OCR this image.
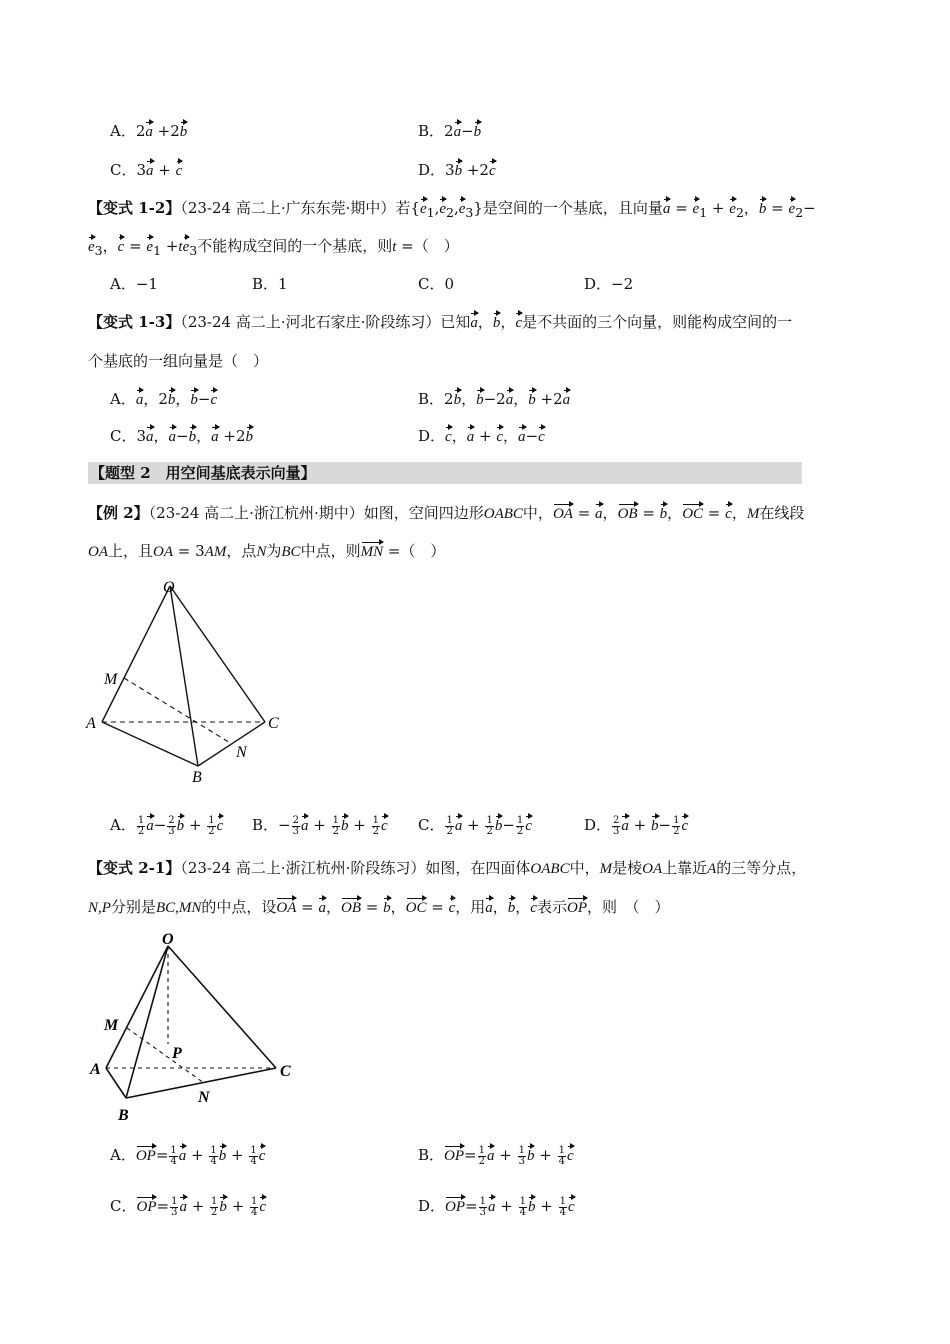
A．2a +2b	B．2a−b
C．3a + c	D．3b +2c
【变式 1-2】（23-24 高二上·广东东莞·期中）若$\{e_1,e_2,e_3\}$是空间的一个基底，且向量$a = e_1 + e_2$，$b = e_2-$
$e_3$，$c = e_1 +te_3$不能构成空间的一个基底，则t =（　）
A．−1	B．1	C．0	D．−2
【变式 1-3】（23-24 高二上·河北石家庄·阶段练习）已知a，b，c是不共面的三个向量，则能构成空间的一
个基底的一组向量是（　）
A．a，2b，b−c	B．2b，b−2a，b +2a
C．3a，a−b，a +2b	D．c，a + c，a−c
【题型 2　用空间基底表示向量】
【例 2】（23-24 高二上·浙江杭州·期中）如图，空间四边形OABC中，OA = a，OB = b，OC = c，M在线段
OA上，且OA = 3AM，点N为BC中点，则MN =（　）
O
M
A	C
N
B
A． $\frac{1}{2} a- \frac{2}{3}$ $b + \frac{1}{2}$ c B．− $\frac{2}{3}$ $a + \frac{1}{2}$ $b + \frac{1}{2}$ c C． $\frac{1}{2}$ $a + \frac{1}{2} b- \frac{1}{2}$ c	D． $\frac{2}{3}$ $a + b- \frac{1}{2}$ c
【变式 2-1】（23-24 高二上·浙江杭州·阶段练习）如图，在四面体OABC中，M是棱OA上靠近A的三等分点，
N,P分别是BC,MN的中点，设OA = a，OB = b，OC = c，用a，b，c表示OP，则　（　）
O
M
P
A	C
N
B
A．$OP= \frac{1}{4}$ $a + \frac{1}{4}$ $b + \frac{1}{4}$ c	B．$OP= \frac{1}{2}$ $a + \frac{1}{3}$ $b + \frac{1}{4}$ c
C．$OP= \frac{1}{3}$ $a + \frac{1}{2}$ $b + \frac{1}{4}$ c	D．$OP= \frac{1}{3}$ $a + \frac{1}{4}$ $b + \frac{1}{4}$ c
